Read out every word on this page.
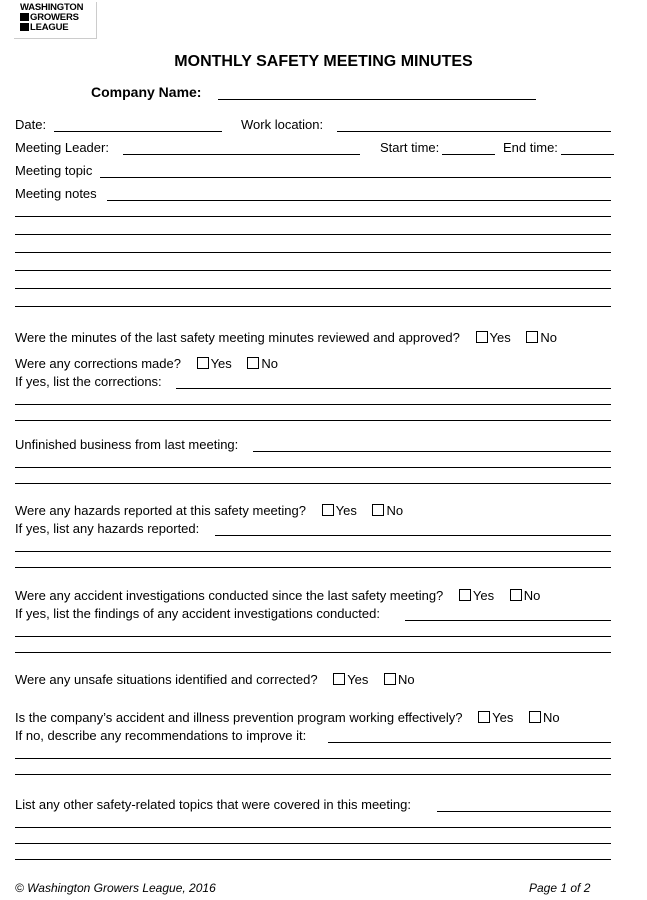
WASHINGTON
GROWERS
LEAGUE
MONTHLY SAFETY MEETING MINUTES
Company Name:
Date:	Work location:
Meeting Leader:	Start time:	End time:
Meeting topic
Meeting notes
Were the minutes of the last safety meeting minutes reviewed and approved? Yes No
Were any corrections made? Yes No
If yes, list the corrections:
Unfinished business from last meeting:
Were any hazards reported at this safety meeting? Yes No
If yes, list any hazards reported:
Were any accident investigations conducted since the last safety meeting? Yes No
If yes, list the findings of any accident investigations conducted:
Were any unsafe situations identified and corrected? Yes No
Is the company’s accident and illness prevention program working effectively? Yes No
If no, describe any recommendations to improve it:
List any other safety-related topics that were covered in this meeting:
© Washington Growers League, 2016	Page 1 of 2
